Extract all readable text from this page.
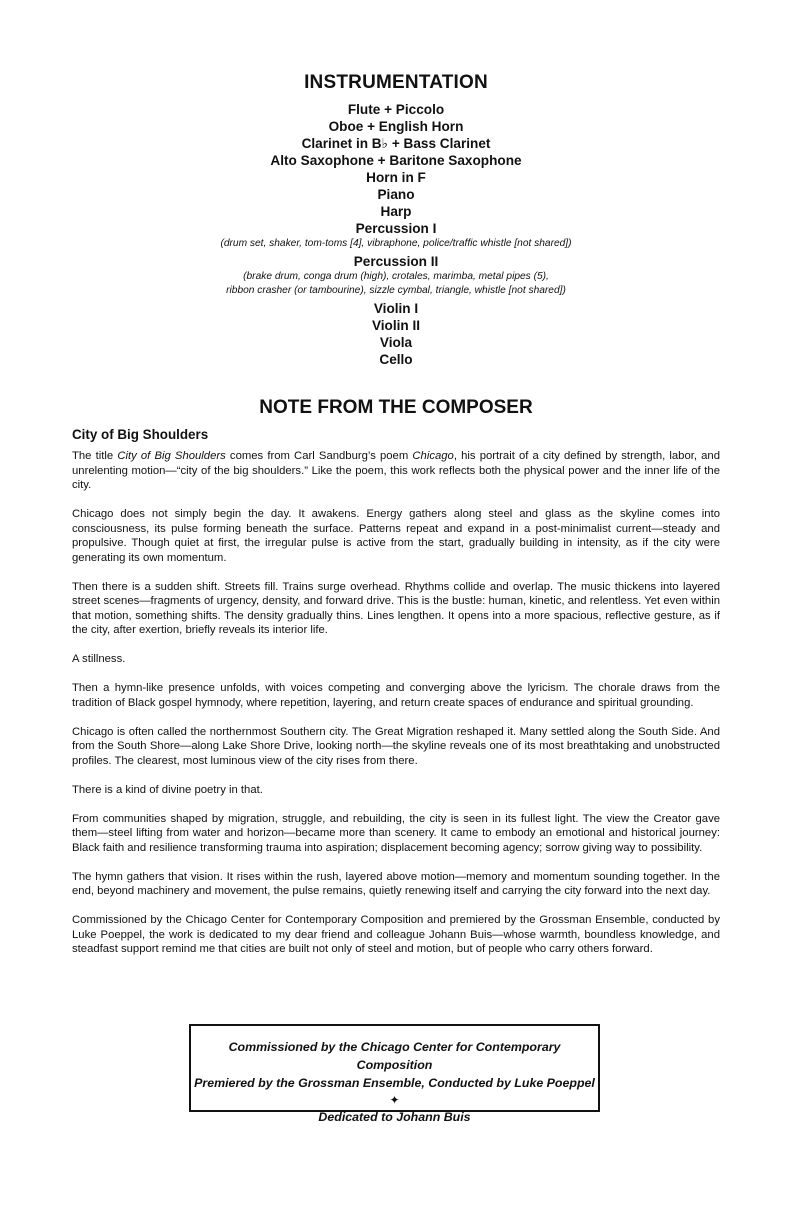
INSTRUMENTATION
Flute + Piccolo
Oboe + English Horn
Clarinet in B♭ + Bass Clarinet
Alto Saxophone + Baritone Saxophone
Horn in F
Piano
Harp
Percussion I
(drum set, shaker, tom-toms [4], vibraphone, police/traffic whistle [not shared])
Percussion II
(brake drum, conga drum (high), crotales, marimba, metal pipes (5),
ribbon crasher (or tambourine), sizzle cymbal, triangle, whistle [not shared])
Violin I
Violin II
Viola
Cello
NOTE FROM THE COMPOSER
City of Big Shoulders

The title City of Big Shoulders comes from Carl Sandburg’s poem Chicago, his portrait of a city defined by strength, labor, and unrelenting motion—“city of the big shoulders.” Like the poem, this work reflects both the physical power and the inner life of the city.

Chicago does not simply begin the day. It awakens. Energy gathers along steel and glass as the skyline comes into consciousness, its pulse forming beneath the surface. Patterns repeat and expand in a post-minimalist current—steady and propulsive. Though quiet at first, the irregular pulse is active from the start, gradually building in intensity, as if the city were generating its own momentum.

Then there is a sudden shift. Streets fill. Trains surge overhead. Rhythms collide and overlap. The music thickens into layered street scenes—fragments of urgency, density, and forward drive. This is the bustle: human, kinetic, and relentless. Yet even within that motion, something shifts. The density gradually thins. Lines lengthen. It opens into a more spacious, reflective gesture, as if the city, after exertion, briefly reveals its interior life.

A stillness.

Then a hymn-like presence unfolds, with voices competing and converging above the lyricism. The chorale draws from the tradition of Black gospel hymnody, where repetition, layering, and return create spaces of endurance and spiritual grounding.

Chicago is often called the northernmost Southern city. The Great Migration reshaped it. Many settled along the South Side. And from the South Shore—along Lake Shore Drive, looking north—the skyline reveals one of its most breathtaking and unobstructed profiles. The clearest, most luminous view of the city rises from there.

There is a kind of divine poetry in that.

From communities shaped by migration, struggle, and rebuilding, the city is seen in its fullest light. The view the Creator gave them—steel lifting from water and horizon—became more than scenery. It came to embody an emotional and historical journey: Black faith and resilience transforming trauma into aspiration; displacement becoming agency; sorrow giving way to possibility.

The hymn gathers that vision. It rises within the rush, layered above motion—memory and momentum sounding together. In the end, beyond machinery and movement, the pulse remains, quietly renewing itself and carrying the city forward into the next day.

Commissioned by the Chicago Center for Contemporary Composition and premiered by the Grossman Ensemble, conducted by Luke Poeppel, the work is dedicated to my dear friend and colleague Johann Buis—whose warmth, boundless knowledge, and steadfast support remind me that cities are built not only of steel and motion, but of people who carry others forward.

Commissioned by the Chicago Center for Contemporary Composition
Premiered by the Grossman Ensemble, Conducted by Luke Poeppel
✦
Dedicated to Johann Buis
